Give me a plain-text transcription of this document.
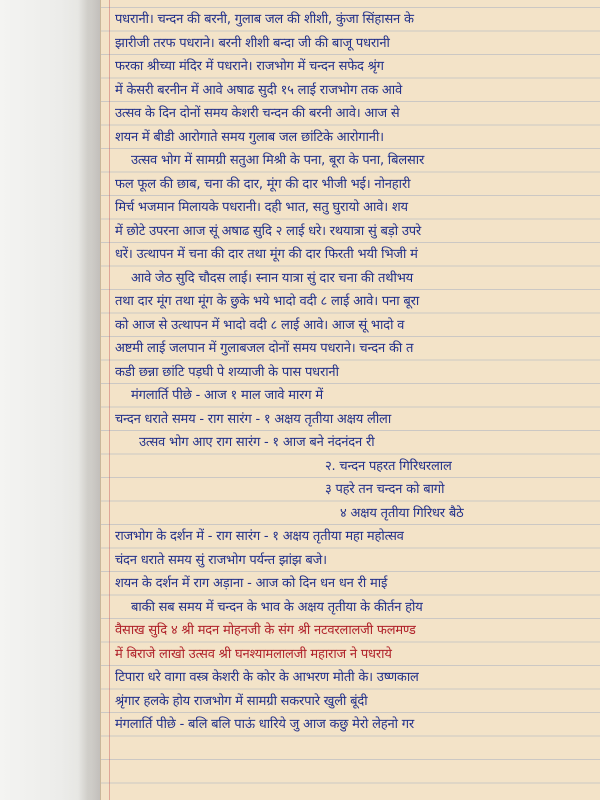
पधरानी। चन्दन की बरनी, गुलाब जल की शीशी, कुंजा सिंहासन के
झारीजी तरफ पधराने। बरनी शीशी बन्दा जी की बाजू पधरानी
फरका श्रीच्या मंदिर में पधराने। राजभोग में चन्दन सफेद श्रृंग
में केसरी बरनीन में आवे अषाढ सुदी १५ लाई राजभोग तक आवे
उत्सव के दिन दोनों समय केशरी चन्दन की बरनी आवे। आज से
शयन में बीडी आरोगाते समय गुलाब जल छांटिके आरोगानी।
उत्सव भोग में सामग्री सतुआ मिश्री के पना, बूरा के पना, बिलसार
फल फूल की छाब, चना की दार, मूंग की दार भीजी भई। नोनहारी
मिर्च भजमान मिलायके पधरानी। दही भात, सतु घुरायो आवे। शय
में छोटे उपरना आज सूं अषाढ सुदि २ लाई धरे। रथयात्रा सुं बड़ो उपरे
धरें। उत्थापन में चना की दार तथा मूंग की दार फिरती भयी भिजी मं
आवे जेठ सुदि चौदस लाई। स्नान यात्रा सुं दार चना की तथीभय
तथा दार मूंग तथा मूंग के छुके भये भादो वदी ८ लाई आवे। पना बूरा
को आज से उत्थापन में भादो वदी ८ लाई आवे। आज सूं भादो व
अष्टमी लाई जलपान में गुलाबजल दोनों समय पधराने। चन्दन की त
कडी छन्ना छांटि पड़घी पे शय्याजी के पास पधरानी
मंगलार्ति पीछे - आज १ माल जावे मारग में
चन्दन धराते समय - राग सारंग - १ अक्षय तृतीया अक्षय लीला
उत्सव भोग आए राग सारंग - १ आज बने नंदनंदन री
२. चन्दन पहरत गिरिधरलाल
३ पहरे तन चन्दन को बागो
४ अक्षय तृतीया गिरिधर बैठे
राजभोग के दर्शन में - राग सारंग - १ अक्षय तृतीया महा महोत्सव
चंदन धराते समय सुं राजभोग पर्यन्त झांझ बजे।
शयन के दर्शन में राग अड़ाना - आज को दिन धन धन री माई
बाकी सब समय में चन्दन के भाव के अक्षय तृतीया के कीर्तन होय
वैसाख सुदि ४ श्री मदन मोहनजी के संग श्री नटवरलालजी फलमण्ड
में बिराजे लाखो उत्सव श्री घनश्यामलालजी महाराज ने पधराये
टिपारा धरे वागा वस्त्र केशरी के कोर के आभरण मोती के। उष्णकाल
श्रृंगार हलके होय राजभोग में सामग्री सकरपारे खुली बूंदी
मंगलार्ति पीछे - बलि बलि पाऊं धारिये जु आज कछु मेरो लेहनो गर
